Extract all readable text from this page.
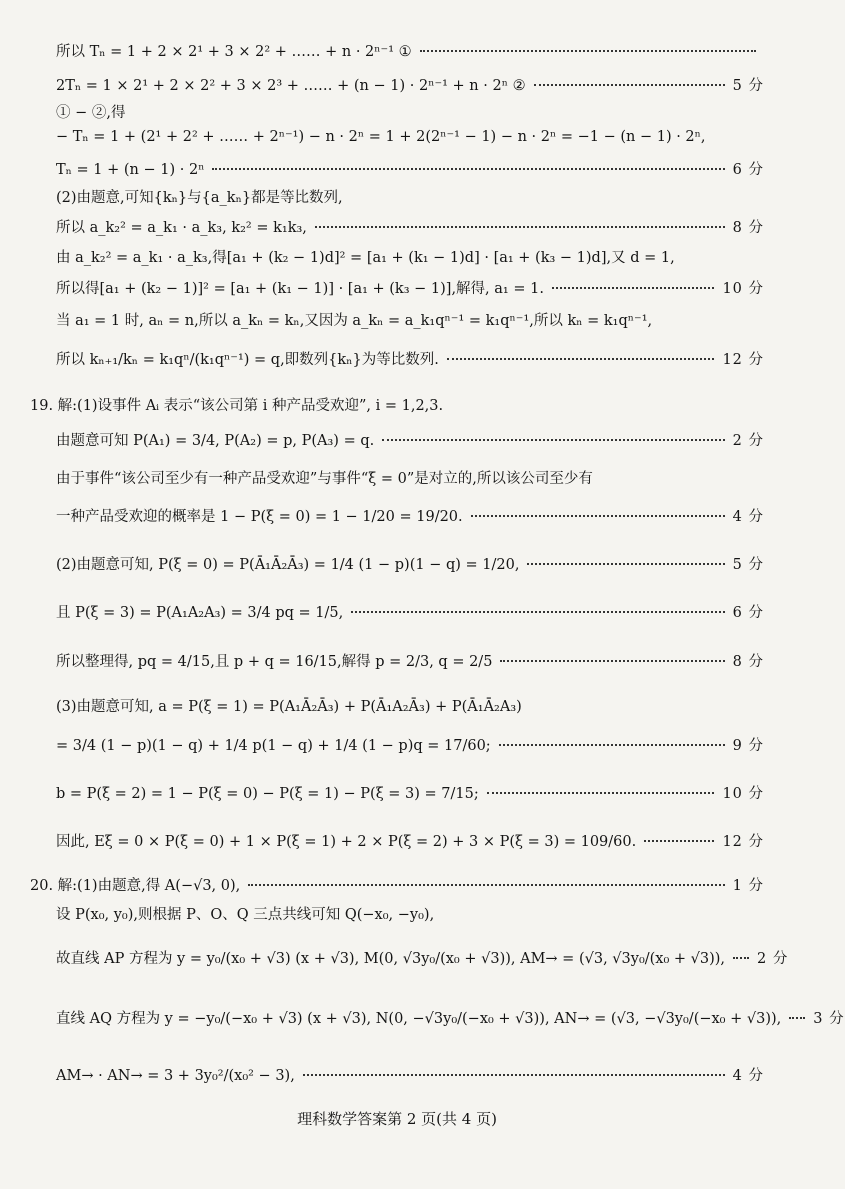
所以 Tₙ = 1 + 2 × 2¹ + 3 × 2² + …… + n · 2ⁿ⁻¹ ①
2Tₙ = 1 × 2¹ + 2 × 2² + 3 × 2³ + …… + (n − 1) · 2ⁿ⁻¹ + n · 2ⁿ ②	5 分
① − ②,得
− Tₙ = 1 + (2¹ + 2² + …… + 2ⁿ⁻¹) − n · 2ⁿ = 1 + 2(2ⁿ⁻¹ − 1) − n · 2ⁿ = −1 − (n − 1) · 2ⁿ,
Tₙ = 1 + (n − 1) · 2ⁿ	6 分
(2)由题意,可知{kₙ}与{a_kₙ}都是等比数列,
所以 a_k₂² = a_k₁ · a_k₃, k₂² = k₁k₃,	8 分
由 a_k₂² = a_k₁ · a_k₃,得[a₁ + (k₂ − 1)d]² = [a₁ + (k₁ − 1)d] · [a₁ + (k₃ − 1)d],又 d = 1,
所以得[a₁ + (k₂ − 1)]² = [a₁ + (k₁ − 1)] · [a₁ + (k₃ − 1)],解得, a₁ = 1.	10 分
当 a₁ = 1 时, aₙ = n,所以 a_kₙ = kₙ,又因为 a_kₙ = a_k₁qⁿ⁻¹ = k₁qⁿ⁻¹,所以 kₙ = k₁qⁿ⁻¹,
所以 kₙ₊₁/kₙ = k₁qⁿ/(k₁qⁿ⁻¹) = q,即数列{kₙ}为等比数列.	12 分
19. 解:(1)设事件 Aᵢ 表示“该公司第 i 种产品受欢迎”, i = 1,2,3.
由题意可知 P(A₁) = 3/4, P(A₂) = p, P(A₃) = q.	2 分
由于事件“该公司至少有一种产品受欢迎”与事件“ξ = 0”是对立的,所以该公司至少有
一种产品受欢迎的概率是 1 − P(ξ = 0) = 1 − 1/20 = 19/20.	4 分
(2)由题意可知, P(ξ = 0) = P(Ā₁Ā₂Ā₃) = 1/4 (1 − p)(1 − q) = 1/20,	5 分
且 P(ξ = 3) = P(A₁A₂A₃) = 3/4 pq = 1/5,	6 分
所以整理得, pq = 4/15,且 p + q = 16/15,解得 p = 2/3, q = 2/5	8 分
(3)由题意可知, a = P(ξ = 1) = P(A₁Ā₂Ā₃) + P(Ā₁A₂Ā₃) + P(Ā₁Ā₂A₃)
= 3/4 (1 − p)(1 − q) + 1/4 p(1 − q) + 1/4 (1 − p)q = 17/60;	9 分
b = P(ξ = 2) = 1 − P(ξ = 0) − P(ξ = 1) − P(ξ = 3) = 7/15;	10 分
因此, Eξ = 0 × P(ξ = 0) + 1 × P(ξ = 1) + 2 × P(ξ = 2) + 3 × P(ξ = 3) = 109/60.	12 分
20. 解:(1)由题意,得 A(−√3, 0),	1 分
设 P(x₀, y₀),则根据 P、O、Q 三点共线可知 Q(−x₀, −y₀),
故直线 AP 方程为 y = y₀/(x₀ + √3) (x + √3), M(0, √3y₀/(x₀ + √3)), AM→ = (√3, √3y₀/(x₀ + √3)), 2 分
直线 AQ 方程为 y = −y₀/(−x₀ + √3) (x + √3), N(0, −√3y₀/(−x₀ + √3)), AN→ = (√3, −√3y₀/(−x₀ + √3)), 3 分
AM→ · AN→ = 3 + 3y₀²/(x₀² − 3),	4 分
理科数学答案第 2 页(共 4 页)
